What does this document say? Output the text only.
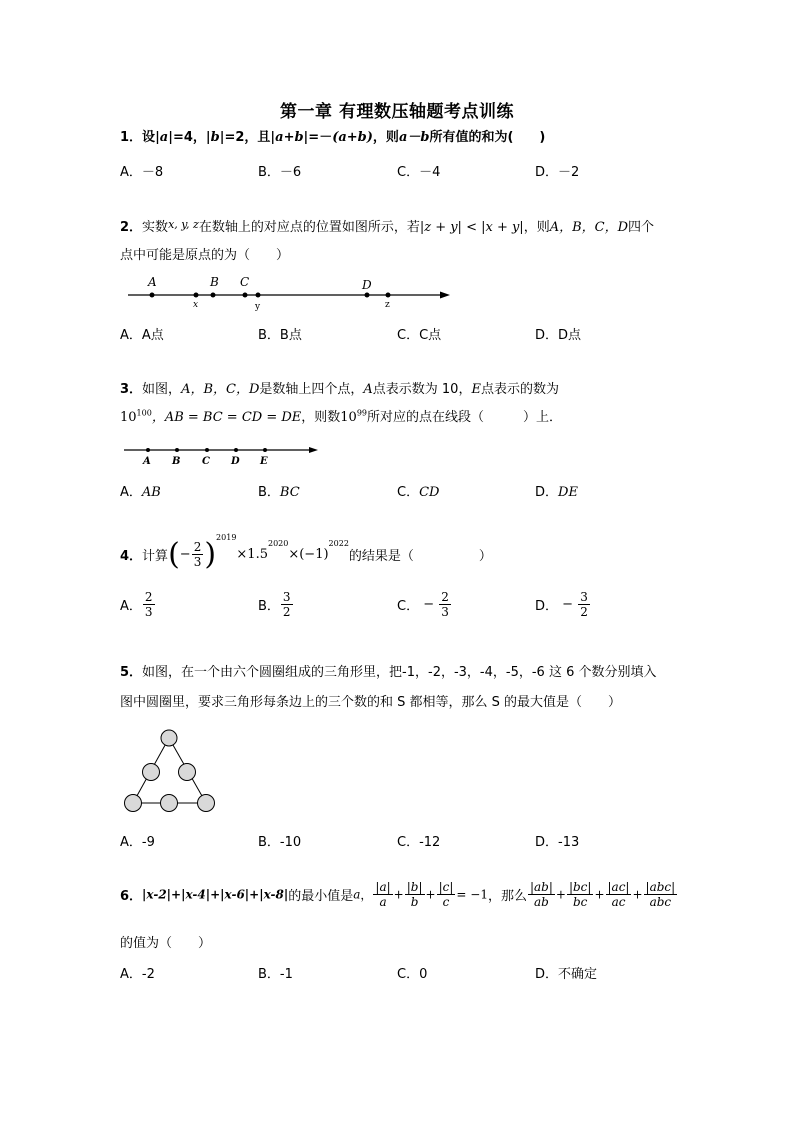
第一章 有理数压轴题考点训练
1．设|a|=4，|b|=2，且|a+b|=－(a+b)，则a－b所有值的和为(　　)
A．－8	B．－6	C．－4	D．－2
2．实数$^{x, y, z}$在数轴上的对应点的位置如图所示，若|z + y| < |x + y|，则A，B，C，D四个
点中可能是原点的为（　　）
A	B C	D
x	y	z
A．A点	B．B点	C．C点	D．D点
3．如图，A，B，C，D是数轴上四个点，A点表示数为 10，E点表示的数为
$10^{100}$，AB = BC = CD = DE，则数$10^{99}$所对应的点在线段（　　　）上．
A B C D E
A．AB	B．BC	C．CD	D．DE
4．计算(− $\frac{2}{3} )^{2019}\times 1.5^{2020}\times(-1)^{2022}$的结果是（　　　　　）
A． $\frac{2}{3}$	B． $\frac{3}{2}$	C． − $\frac{2}{3}$	D． − $\frac{3}{2}$
5．如图，在一个由六个圆圈组成的三角形里，把-1，-2，-3，-4，-5，-6 这 6 个数分别填入
图中圆圈里，要求三角形每条边上的三个数的和 S 都相等，那么 S 的最大值是（　　）
A．-9	B．-10	C．-12	D．-13
6．|x-2|+|x-4|+|x-6|+|x-8|的最小值是a， $\frac{|a|}{a} + \frac{|b|}{b} + \frac{|c|}{c} = -1$，那么 $\frac{|ab|}{ab} + \frac{|bc|}{bc} + \frac{|ac|}{ac} + \frac{\text{|abc|}}{\text{abc}}$
的值为（　　）
A．-2	B．-1	C．0	D．不确定
